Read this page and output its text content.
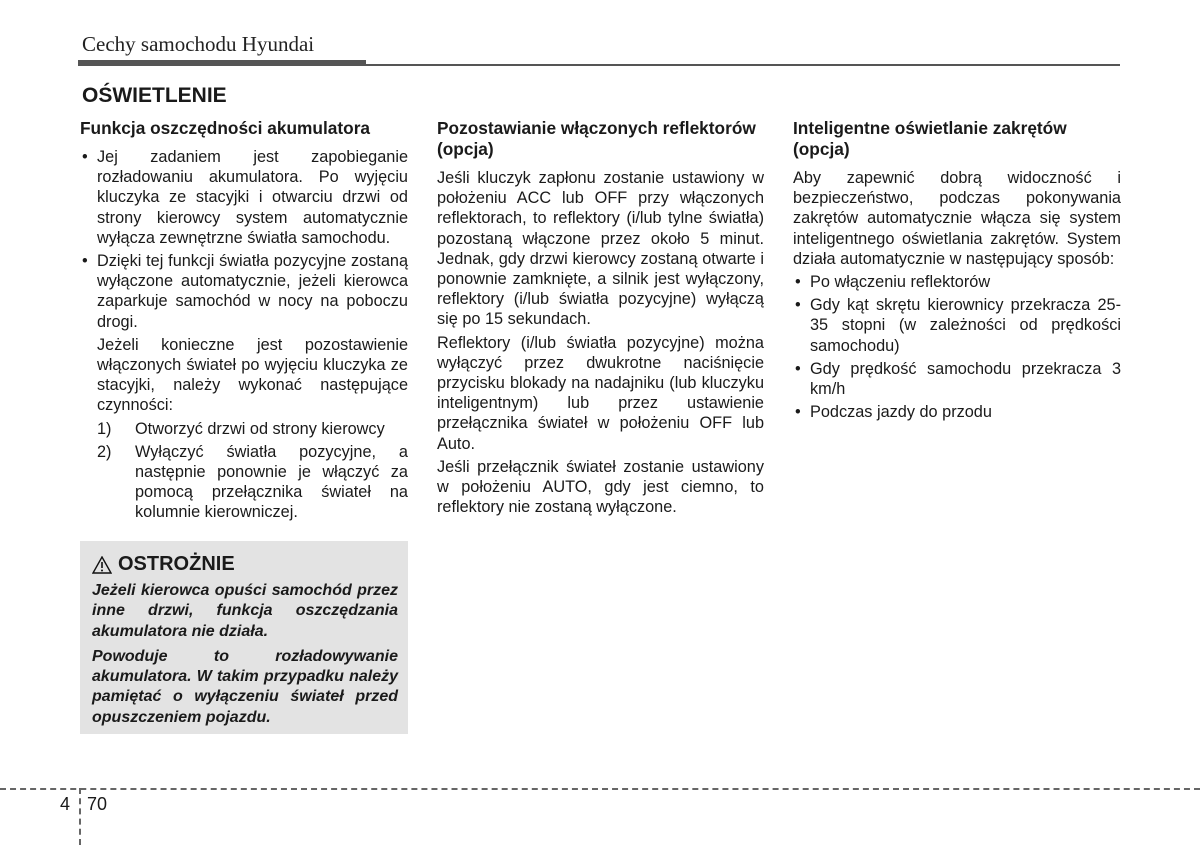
Cechy samochodu Hyundai
OŚWIETLENIE
Funkcja oszczędności akumulatora
• Jej zadaniem jest zapobieganie rozładowaniu akumulatora. Po wyjęciu kluczyka ze stacyjki i otwarciu drzwi od strony kierowcy system automatycznie wyłącza zewnętrzne światła samochodu.
• Dzięki tej funkcji światła pozycyjne zostaną wyłączone automatycznie, jeżeli kierowca zaparkuje samochód w nocy na poboczu drogi.

Jeżeli konieczne jest pozostawienie włączonych świateł po wyjęciu kluczyka ze stacyjki, należy wykonać następujące czynności:

1) Otworzyć drzwi od strony kierowcy
2) Wyłączyć światła pozycyjne, a następnie ponownie je włączyć za pomocą przełącznika świateł na kolumnie kierowniczej.
OSTROŻNIE

Jeżeli kierowca opuści samochód przez inne drzwi, funkcja oszczędzania akumulatora nie działa.

Powoduje to rozładowywanie akumulatora. W takim przypadku należy pamiętać o wyłączeniu świateł przed opuszczeniem pojazdu.

Pozostawianie włączonych reflektorów (opcja)

Jeśli kluczyk zapłonu zostanie ustawiony w położeniu ACC lub OFF przy włączonych reflektorach, to reflektory (i/lub tylne światła) pozostaną włączone przez około 5 minut. Jednak, gdy drzwi kierowcy zostaną otwarte i ponownie zamknięte, a silnik jest wyłączony, reflektory (i/lub światła pozycyjne) wyłączą się po 15 sekundach.

Reflektory (i/lub światła pozycyjne) można wyłączyć przez dwukrotne naciśnięcie przycisku blokady na nadajniku (lub kluczyku inteligentnym) lub przez ustawienie przełącznika świateł w położeniu OFF lub Auto.

Jeśli przełącznik świateł zostanie ustawiony w położeniu AUTO, gdy jest ciemno, to reflektory nie zostaną wyłączone.

Inteligentne oświetlanie zakrętów (opcja)

Aby zapewnić dobrą widoczność i bezpieczeństwo, podczas pokonywania zakrętów automatycznie włącza się system inteligentnego oświetlania zakrętów. System działa automatycznie w następujący sposób:

• Po włączeniu reflektorów
• Gdy kąt skrętu kierownicy przekracza 25-35 stopni (w zależności od prędkości samochodu)
• Gdy prędkość samochodu przekracza 3 km/h
• Podczas jazdy do przodu
4 70
